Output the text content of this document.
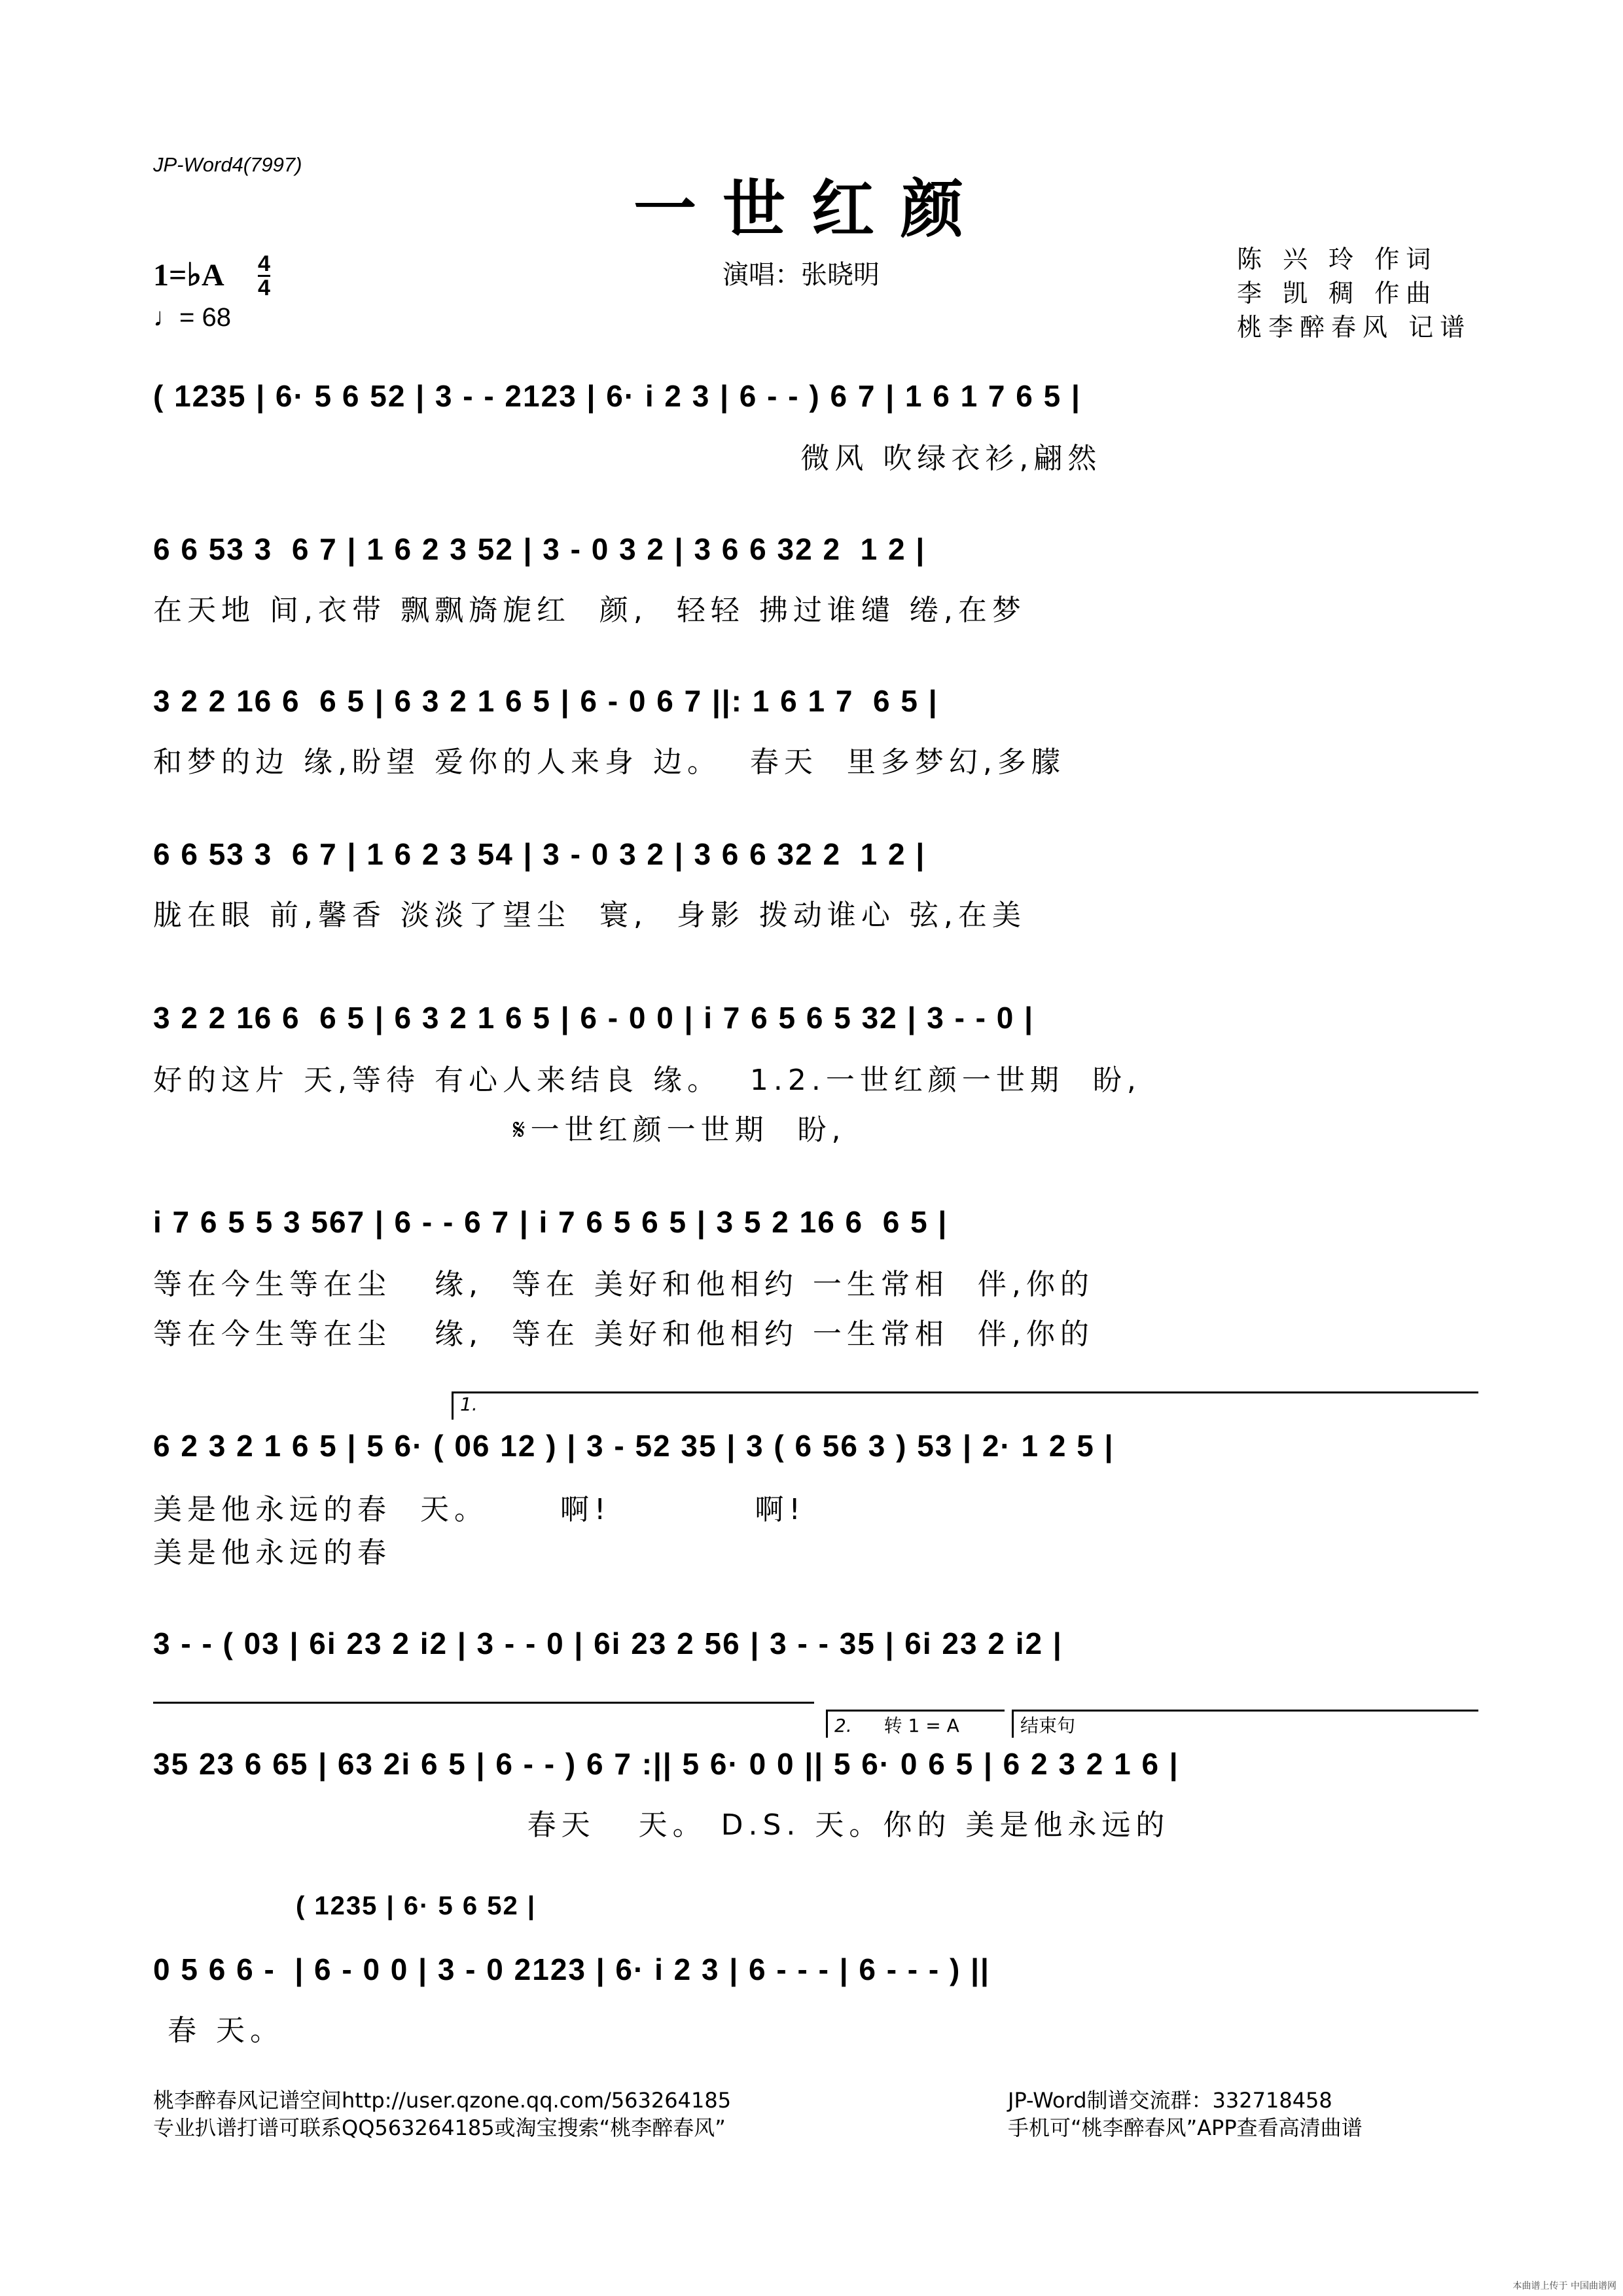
JP-Word4(7997)
一世红颜
1=♭A 4
4
♩= 68
演唱：张晓明
陈 兴 玲 作词
李 凯 稠 作曲
桃李醉春风 记谱
( 1235 | 6· 5 6 52 | 3 - - 2123 | 6· i 2 3 | 6 - - ) 6 7 | 1 6 1 7 6 5 |
微风 吹绿衣衫,翩然
6 6 53 3  6 7 | 1 6 2 3 52 | 3 - 0 3 2 | 3 6 6 32 2  1 2 |
在天地 间,衣带 飘飘旖旎红  颜,  轻轻 拂过谁缱 绻,在梦
3 2 2 16 6  6 5 | 6 3 2 1 6 5 | 6 - 0 6 7 ||: 1 6 1 7  6 5 |
和梦的边 缘,盼望 爱你的人来身 边。  春天  里多梦幻,多朦
6 6 53 3  6 7 | 1 6 2 3 54 | 3 - 0 3 2 | 3 6 6 32 2  1 2 |
胧在眼 前,馨香 淡淡了望尘  寰,  身影 拨动谁心 弦,在美
3 2 2 16 6  6 5 | 6 3 2 1 6 5 | 6 - 0 0 | i 7 6 5 6 5 32 | 3 - - 0 |
好的这片 天,等待 有心人来结良 缘。  1.2.一世红颜一世期  盼,
𝄋一世红颜一世期  盼,
i 7 6 5 5 3 567 | 6 - - 6 7 | i 7 6 5 6 5 | 3 5 2 16 6  6 5 |
等在今生等在尘   缘,  等在 美好和他相约 一生常相  伴,你的
等在今生等在尘   缘,  等在 美好和他相约 一生常相  伴,你的
1.
6 2 3 2 1 6 5 | 5 6· ( 06 12 ) | 3 - 52 35 | 3 ( 6 56 3 ) 53 | 2· 1 2 5 |
美是他永远的春  天。     啊!          啊!
美是他永远的春
3 - - ( 03 | 6i 23 2 i2 | 3 - - 0 | 6i 23 2 56 | 3 - - 35 | 6i 23 2 i2 |
2. 转 1 = A	结束句
35 23 6 65 | 63 2i 6 5 | 6 - - ) 6 7 :|| 5 6· 0 0 || 5 6· 0 6 5 | 6 2 3 2 1 6 |
春天   天。 D.S. 天。你的 美是他永远的
( 1235 | 6· 5 6 52 |
0 5 6 6 -  | 6 - 0 0 | 3 - 0 2123 | 6· i 2 3 | 6 - - - | 6 - - - ) ||
春 天。
桃李醉春风记谱空间http://user.qzone.qq.com/563264185
专业扒谱打谱可联系QQ563264185或淘宝搜索“桃李醉春风”
JP-Word制谱交流群：332718458
手机可“桃李醉春风”APP查看高清曲谱
本曲谱上传于 中国曲谱网
